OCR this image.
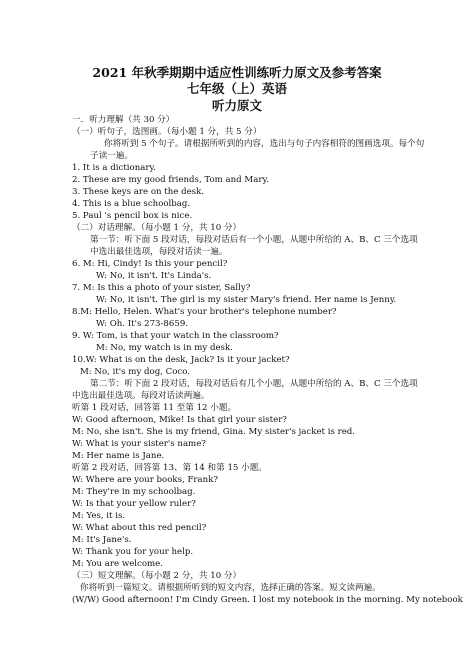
2021 年秋季期期中适应性训练听力原文及参考答案
七年级（上）英语
听力原文
一．听力理解（共 30 分）
（一）听句子，选图画。（每小题 1 分，共 5 分）
你将听到 5 个句子。请根据所听到的内容，选出与句子内容相符的图画选项。每个句
子读一遍。
1. It is a dictionary.
2. These are my good friends, Tom and Mary.
3. These keys are on the desk.
4. This is a blue schoolbag.
5. Paul 's pencil box is nice.
（二）对话理解。（每小题 1 分，共 10 分）
第一节：听下面 5 段对话，每段对话后有一个小题，从题中所给的 A、B、C 三个选项
中选出最佳选项，每段对话读一遍。
6. M: Hi, Cindy! Is this your pencil?
W: No, it isn't. It's Linda's.
7. M: Is this a photo of your sister, Sally?
W: No, it isn't. The girl is my sister Mary's friend. Her name is Jenny.
8.M: Hello, Helen. What's your brother's telephone number?
W: Oh. It's 273-8659.
9. W: Tom, is that your watch in the classroom?
M: No, my watch is in my desk.
10.W: What is on the desk, Jack? Is it your jacket?
M: No, it's my dog, Coco.
第二节：听下面 2 段对话，每段对话后有几个小题，从题中所给的 A、B、C 三个选项
中选出最佳选项。每段对话读两遍。
听第 1 段对话，回答第 11 至第 12 小题。
W: Good afternoon, Mike! Is that girl your sister?
M: No, she isn't. She is my friend, Gina. My sister's jacket is red.
W: What is your sister's name?
M: Her name is Jane.
听第 2 段对话，回答第 13、第 14 和第 15 小题。
W: Where are your books, Frank?
M: They're in my schoolbag.
W: Is that your yellow ruler?
M: Yes, it is.
W: What about this red pencil?
M: It's Jane's.
W: Thank you for your help.
M: You are welcome.
（三）短文理解。（每小题 2 分，共 10 分）
你将听到一篇短文。请根据所听到的短文内容，选择正确的答案。短文读两遍。
(W/W) Good afternoon! I'm Cindy Green. I lost my notebook in the morning. My notebook
